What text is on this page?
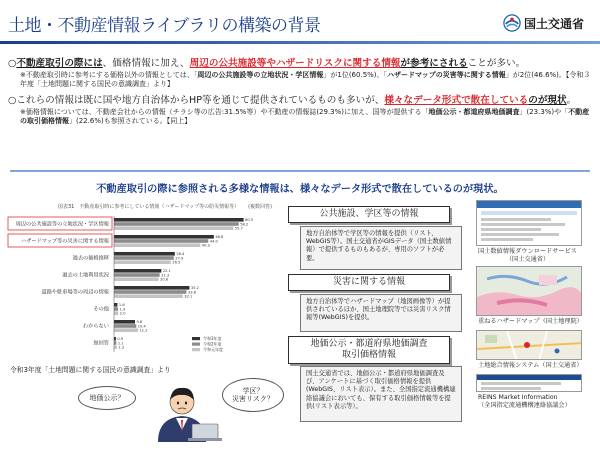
土地・不動産情報ライブラリの構築の背景	国土交通省
○不動産取引の際には、価格情報に加え、周辺の公共施設等やハザードリスクに関する情報が参考にされることが多い。
※不動産取引時に参考にする価格以外の情報としては、「周辺の公共施設等の立地状況・学区情報」が1位(60.5%)、「ハザードマップの災害等に関する情報」が2位(46.6%)。【令和３年度「土地問題に関する国民の意識調査」より】
○これらの情報は既に国や地方自治体からHP等を通じて提供されているものも多いが、様々なデータ形式で散在しているのが現状。
※価格情報については、不動産会社からの情報（チラシ等の広告:31.5%等）や不動産の情報誌(29.3%)に加え、国等が提供する「地価公示・都道府県地価調査」(23.3%)や「不動産の取引価格情報」(22.6%)も参照されている。【同上】
不動産取引の際に参照される多様な情報は、様々なデータ形式で散在しているのが現状。
図表31　不動産取引時に参考にしている情報（ハザードマップ等の防災情報等） (複数回答)
周辺の公共施設等の立地状況・学区情報
60.5
58.2
55.7
ハザードマップ等の災害に関する情報
46.6
44.0
40.3
過去の価格推移
28.4
27.9
26.5
過去の土地利用状況
22.1
21.3
20.8
道路や駐車場等の周辺の情報
35.2
33.8
32.1
その他
1.6
1.9
2.0
わからない
9.8
10.4
11.2
無回答
0.9
1.1
1.3
令和3年度
令和2年度
令和元年度
令和3年度「土地問題に関する国民の意識調査」より
地価公示？
学区？
災害リスク？
公共施設、学区等の情報
地方自治体等で学区等の情報を提供（リスト、WebGIS等）。国土交通省がGISデータ（国土数値情報）で提供するものもあるが、専用のソフトが必要。
災害に関する情報
地方自治体等でハザードマップ（地図画像等）が提供されているほか、国土地理院等では災害リスク情報等(WebGIS)を提供。
地価公示・都道府県地価調査
取引価格情報
国土交通省では、地価公示・都道府県地価調査及び、アンケートに基づく取引価格情報を提供(WebGIS、リスト表示）。また、全国指定流通機構連絡協議会においても、保有する取引価格情報等を提供(リスト表示等）。
国土数値情報ダウンロードサービス
（国土交通省）
重ねるハザードマップ（国土地理院）
土地総合情報システム（国土交通省）
REINS Market Information
（全国指定流通機構連絡協議会）
